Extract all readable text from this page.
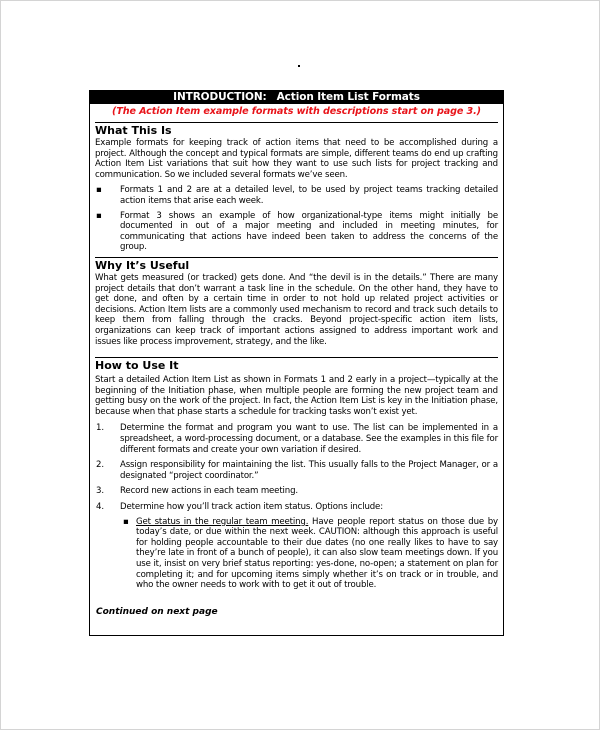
INTRODUCTION: Action Item List Formats
(The Action Item example formats with descriptions start on page 3.)
What This Is

Example formats for keeping track of action items that need to be accomplished during a project. Although the concept and typical formats are simple, different teams do end up crafting Action Item List variations that suit how they want to use such lists for project tracking and communication. So we included several formats we’ve seen.

▪ Formats 1 and 2 are at a detailed level, to be used by project teams tracking detailed action items that arise each week.
▪ Format 3 shows an example of how organizational-type items might initially be documented in out of a major meeting and included in meeting minutes, for communicating that actions have indeed been taken to address the concerns of the group.
Why It’s Useful

What gets measured (or tracked) gets done. And “the devil is in the details.” There are many project details that don’t warrant a task line in the schedule. On the other hand, they have to get done, and often by a certain time in order to not hold up related project activities or decisions. Action Item lists are a commonly used mechanism to record and track such details to keep them from falling through the cracks. Beyond project-specific action item lists, organizations can keep track of important actions assigned to address important work and issues like process improvement, strategy, and the like.

How to Use It

Start a detailed Action Item List as shown in Formats 1 and 2 early in a project—typically at the beginning of the Initiation phase, when multiple people are forming the new project team and getting busy on the work of the project. In fact, the Action Item List is key in the Initiation phase, because when that phase starts a schedule for tracking tasks won’t exist yet.

1. Determine the format and program you want to use. The list can be implemented in a spreadsheet, a word-processing document, or a database. See the examples in this file for different formats and create your own variation if desired.
2. Assign responsibility for maintaining the list. This usually falls to the Project Manager, or a designated “project coordinator.”
3. Record new actions in each team meeting.
4. Determine how you’ll track action item status. Options include:
▪ Get status in the regular team meeting. Have people report status on those due by today’s date, or due within the next week. CAUTION: although this approach is useful for holding people accountable to their due dates (no one really likes to have to say they’re late in front of a bunch of people), it can also slow team meetings down. If you use it, insist on very brief status reporting: yes-done, no-open; a statement on plan for completing it; and for upcoming items simply whether it’s on track or in trouble, and who the owner needs to work with to get it out of trouble.
Continued on next page
